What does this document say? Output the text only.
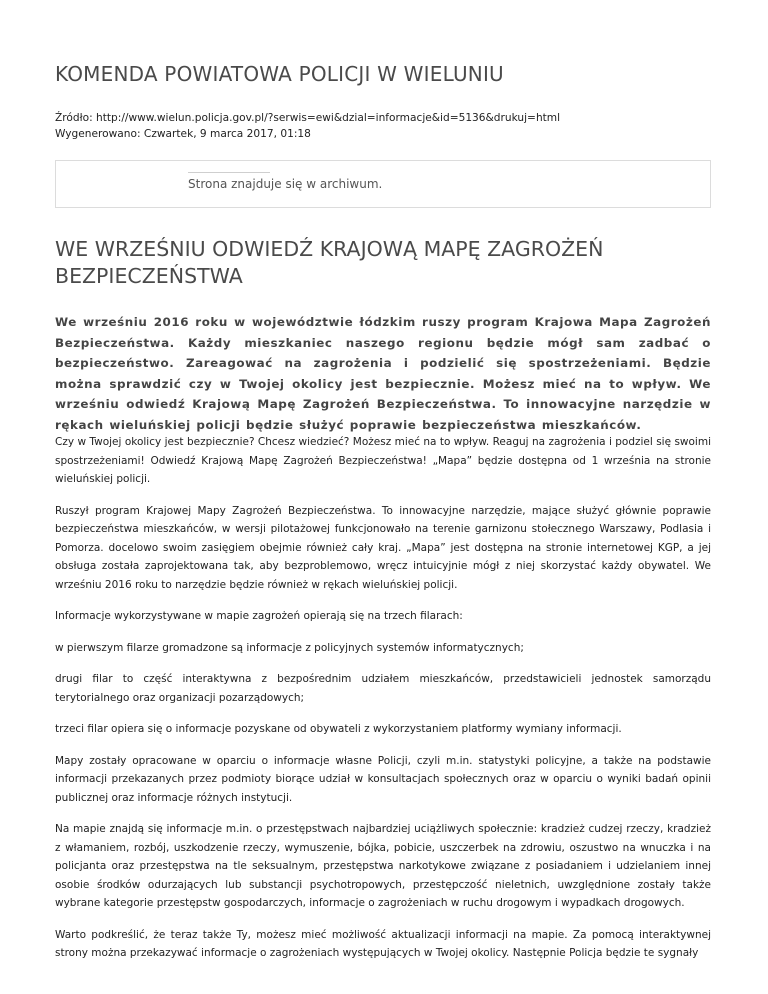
KOMENDA POWIATOWA POLICJI W WIELUNIU
Źródło: http://www.wielun.policja.gov.pl/?serwis=ewi&dzial=informacje&id=5136&drukuj=html
Wygenerowano: Czwartek, 9 marca 2017, 01:18
Strona znajduje się w archiwum.
WE WRZEŚNIU ODWIEDŹ KRAJOWĄ MAPĘ ZAGROŻEŃ BEZPIECZEŃSTWA

We wrześniu 2016 roku w województwie łódzkim ruszy program Krajowa Mapa Zagrożeń Bezpieczeństwa. Każdy mieszkaniec naszego regionu będzie mógł sam zadbać o bezpieczeństwo. Zareagować na zagrożenia i podzielić się spostrzeżeniami. Będzie można sprawdzić czy w Twojej okolicy jest bezpiecznie. Możesz mieć na to wpływ. We wrześniu odwiedź Krajową Mapę Zagrożeń Bezpieczeństwa. To innowacyjne narzędzie w rękach wieluńskiej policji będzie służyć poprawie bezpieczeństwa mieszkańców.

Czy w Twojej okolicy jest bezpiecznie? Chcesz wiedzieć? Możesz mieć na to wpływ. Reaguj na zagrożenia i podziel się swoimi spostrzeżeniami! Odwiedź Krajową Mapę Zagrożeń Bezpieczeństwa! „Mapa” będzie dostępna od 1 września na stronie wieluńskiej policji.

Ruszył program Krajowej Mapy Zagrożeń Bezpieczeństwa. To innowacyjne narzędzie, mające służyć głównie poprawie bezpieczeństwa mieszkańców, w wersji pilotażowej funkcjonowało na terenie garnizonu stołecznego Warszawy, Podlasia i Pomorza. docelowo swoim zasięgiem obejmie również cały kraj. „Mapa” jest dostępna na stronie internetowej KGP, a jej obsługa została zaprojektowana tak, aby bezproblemowo, wręcz intuicyjnie mógł z niej skorzystać każdy obywatel. We wrześniu 2016 roku to narzędzie będzie również w rękach wieluńskiej policji.

Informacje wykorzystywane w mapie zagrożeń opierają się na trzech filarach:

w pierwszym filarze gromadzone są informacje z policyjnych systemów informatycznych;

drugi filar to część interaktywna z bezpośrednim udziałem mieszkańców, przedstawicieli jednostek samorządu terytorialnego oraz organizacji pozarządowych;

trzeci filar opiera się o informacje pozyskane od obywateli z wykorzystaniem platformy wymiany informacji.

Mapy zostały opracowane w oparciu o informacje własne Policji, czyli m.in. statystyki policyjne, a także na podstawie informacji przekazanych przez podmioty biorące udział w konsultacjach społecznych oraz w oparciu o wyniki badań opinii publicznej oraz informacje różnych instytucji.

Na mapie znajdą się informacje m.in. o przestępstwach najbardziej uciążliwych społecznie: kradzież cudzej rzeczy, kradzież z włamaniem, rozbój, uszkodzenie rzeczy, wymuszenie, bójka, pobicie, uszczerbek na zdrowiu, oszustwo na wnuczka i na policjanta oraz przestępstwa na tle seksualnym, przestępstwa narkotykowe związane z posiadaniem i udzielaniem innej osobie środków odurzających lub substancji psychotropowych, przestępczość nieletnich, uwzględnione zostały także wybrane kategorie przestępstw gospodarczych, informacje o zagrożeniach w ruchu drogowym i wypadkach drogowych.

Warto podkreślić, że teraz także Ty, możesz mieć możliwość aktualizacji informacji na mapie. Za pomocą interaktywnej strony można przekazywać informacje o zagrożeniach występujących w Twojej okolicy. Następnie Policja będzie te sygnały
